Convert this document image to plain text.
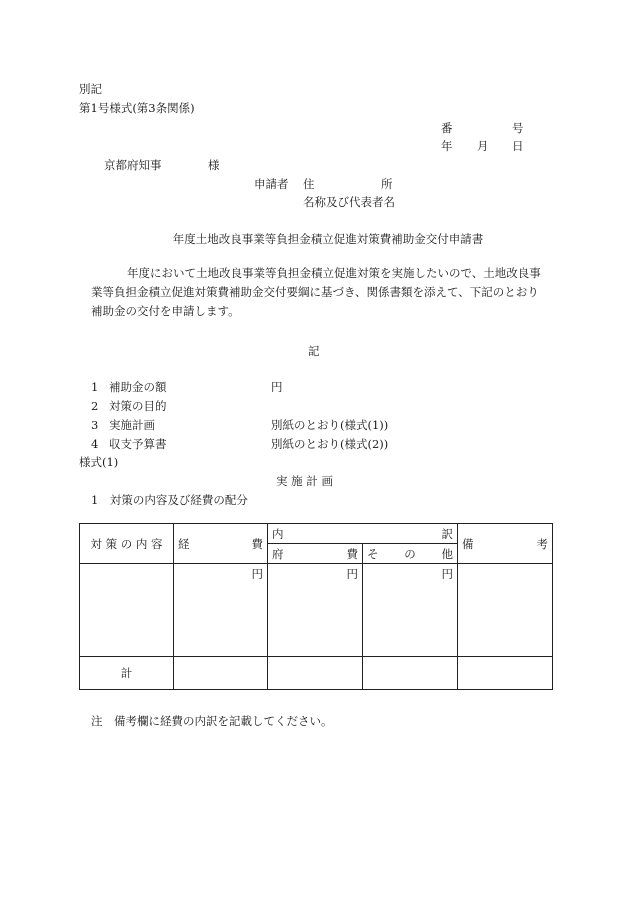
別記
第1号様式(第3条関係)
番	号
年 月 日
京都府知事	様
申請者 住	所
名称及び代表者名
年度土地改良事業等負担金積立促進対策費補助金交付申請書
年度において土地改良事業等負担金積立促進対策を実施したいので、土地改良事
業等負担金積立促進対策費補助金交付要綱に基づき、関係書類を添えて、下記のとおり
補助金の交付を申請します。
記
1 補助金の額	円
2 対策の目的
3 実施計画	別紙のとおり(様式(1))
4 収支予算書	別紙のとおり(様式(2))
様式(1)
実 施 計 画
1　対策の内容及び経費の配分
対 策 の 内 容	経 費	内 訳		備 考

		府 費	そ の 他	

	円	円	円	
計				
注　備考欄に経費の内訳を記載してください。
